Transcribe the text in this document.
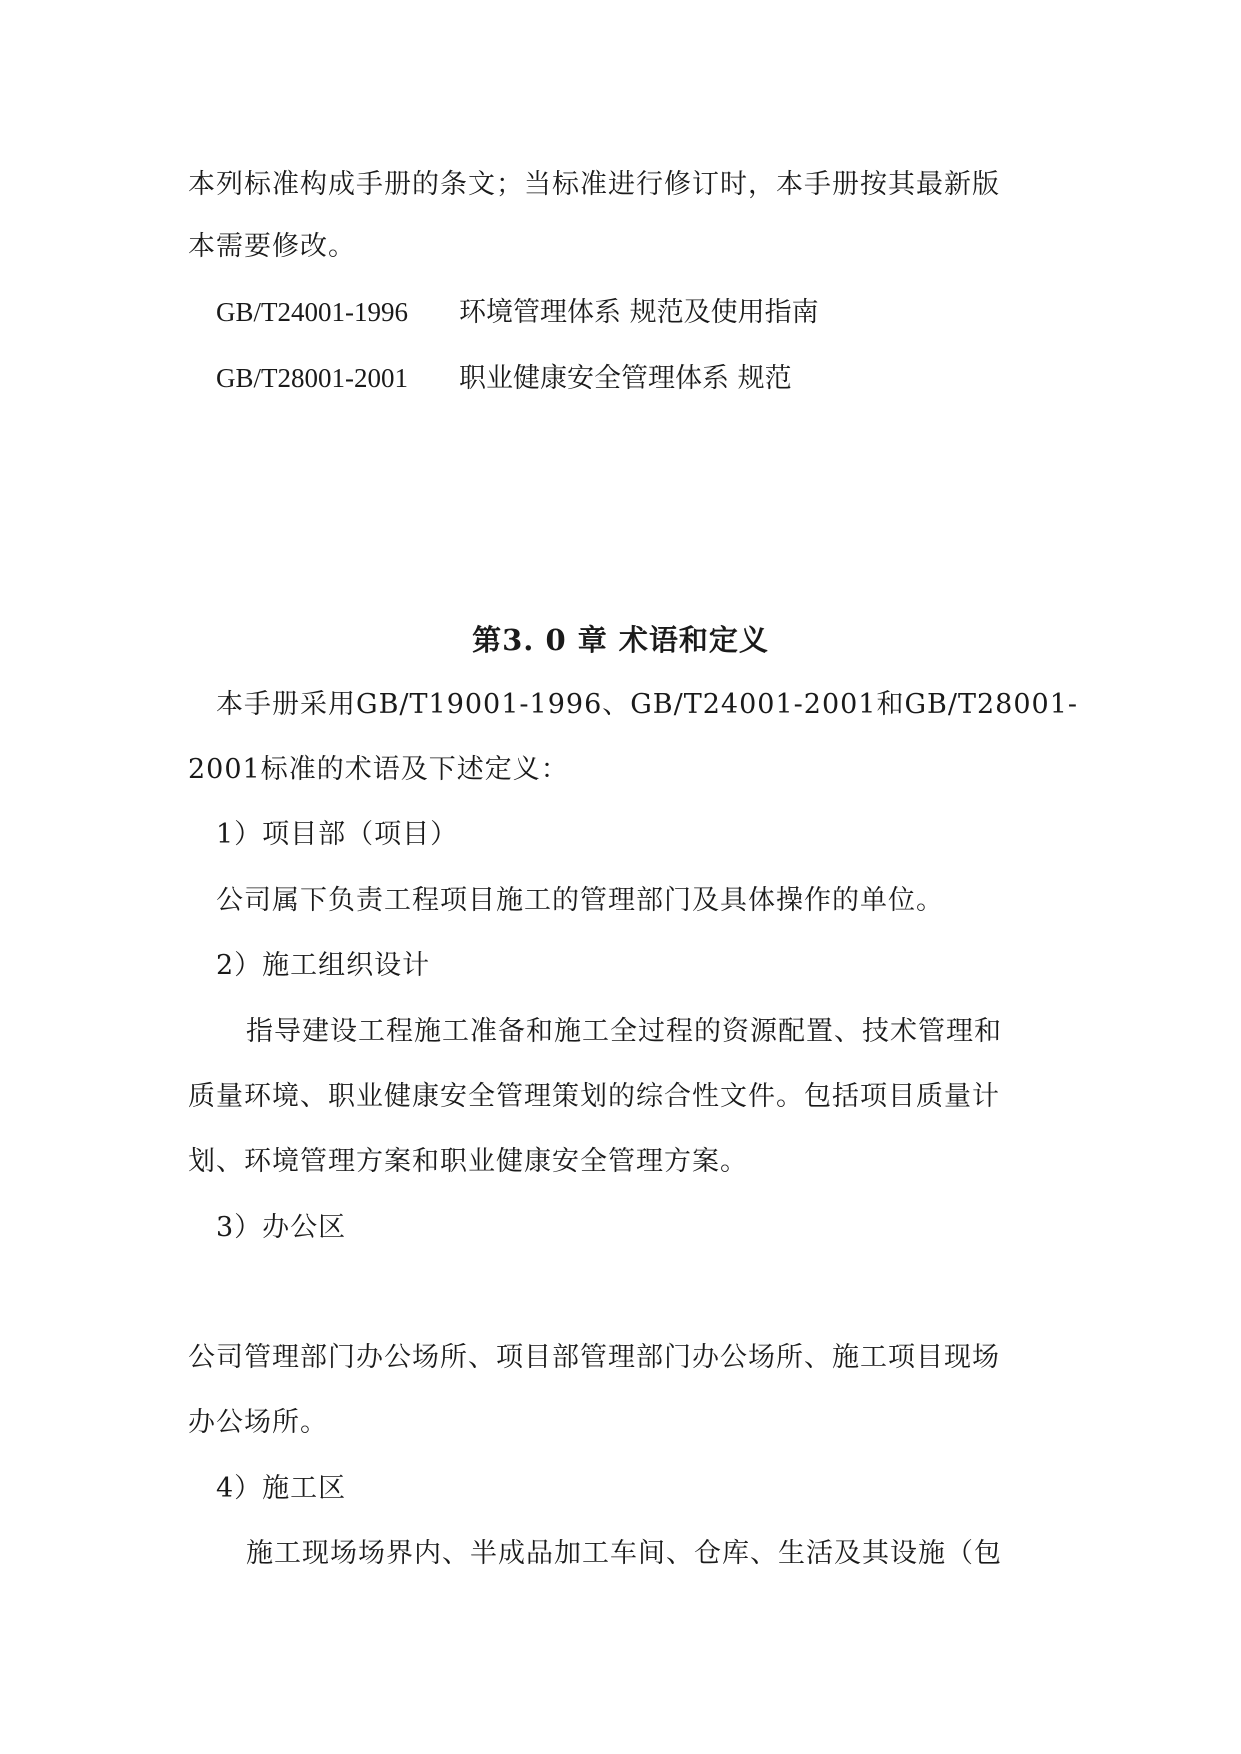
本列标准构成手册的条文；当标准进行修订时，本手册按其最新版
本需要修改。
GB/T24001-1996 环境管理体系 规范及使用指南
GB/T28001-2001 职业健康安全管理体系 规范
第3. 0 章 术语和定义
本手册采用GB/T19001-1996、GB/T24001-2001和GB/T28001-
2001标准的术语及下述定义：
1）项目部（项目）
公司属下负责工程项目施工的管理部门及具体操作的单位。
2）施工组织设计
指导建设工程施工准备和施工全过程的资源配置、技术管理和
质量环境、职业健康安全管理策划的综合性文件。包括项目质量计
划、环境管理方案和职业健康安全管理方案。
3）办公区
公司管理部门办公场所、项目部管理部门办公场所、施工项目现场
办公场所。
4）施工区
施工现场场界内、半成品加工车间、仓库、生活及其设施（包
